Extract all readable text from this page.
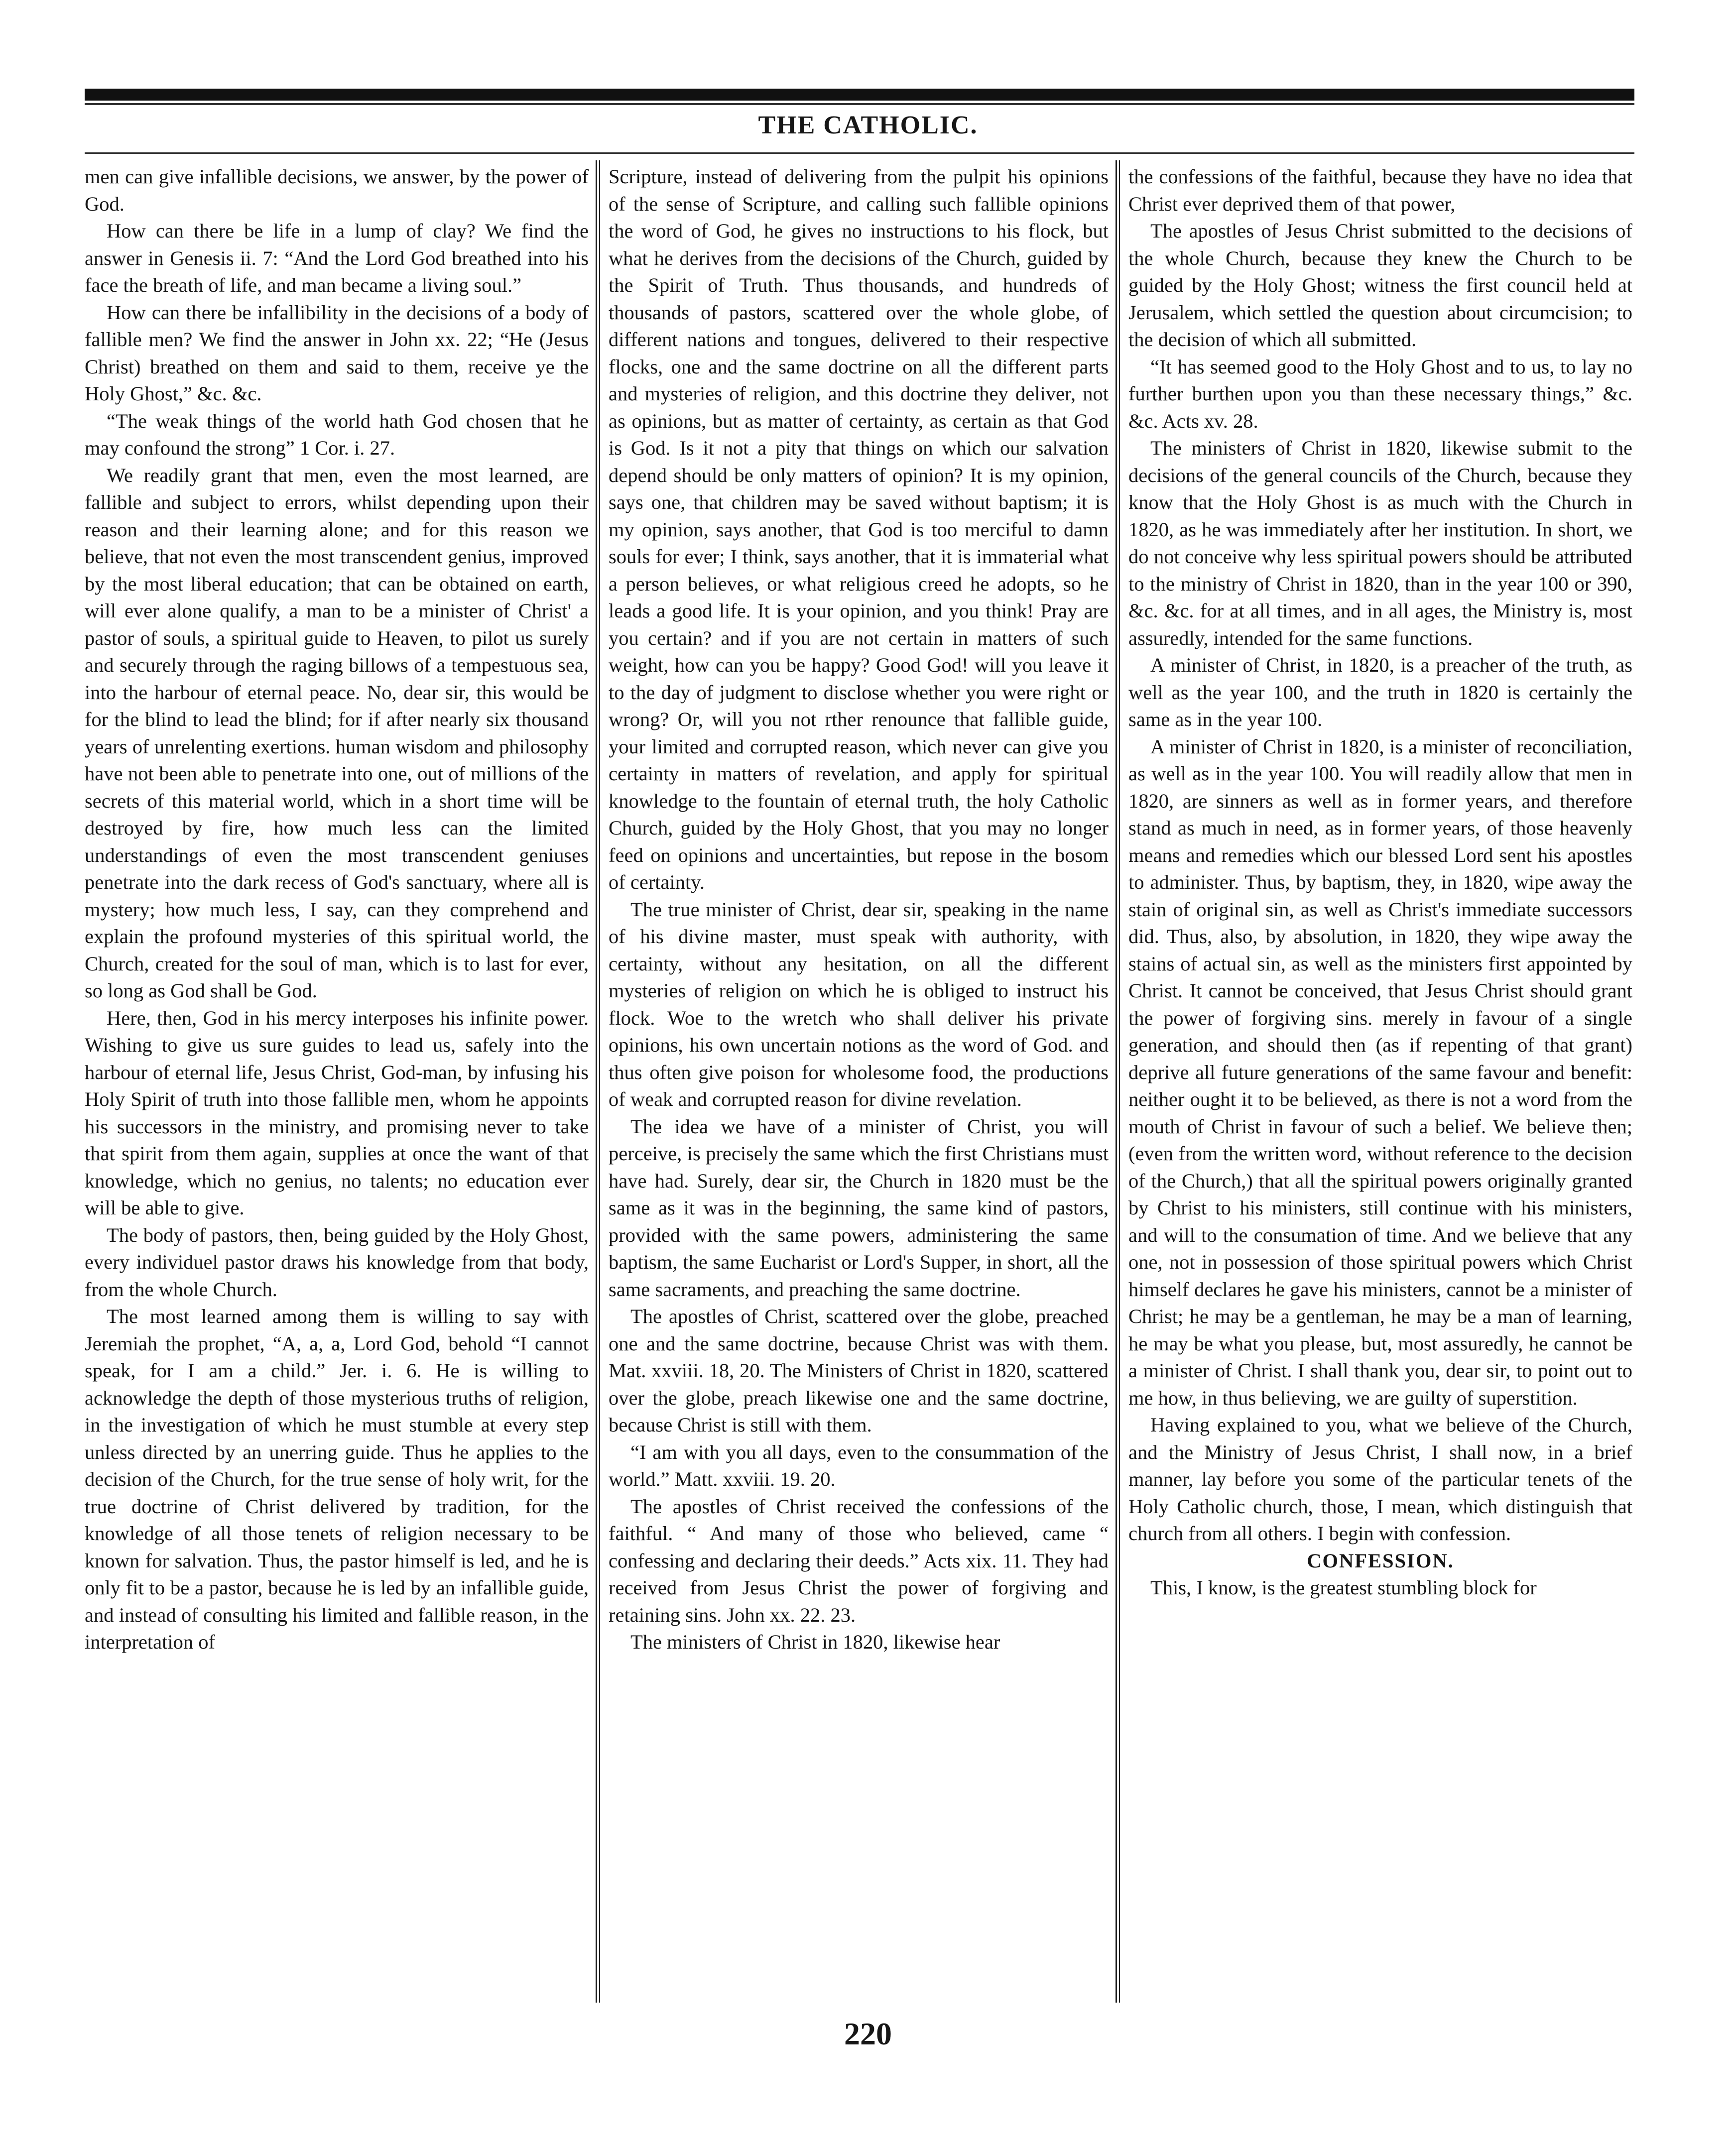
THE CATHOLIC.

men can give infallible decisions, we answer, by the power of God.

How can there be life in a lump of clay? We find the answer in Genesis ii. 7: “And the Lord God breathed into his face the breath of life, and man became a living soul.”

How can there be infallibility in the decisions of a body of fallible men? We find the answer in John xx. 22; “He (Jesus Christ) breathed on them and said to them, receive ye the Holy Ghost,” &c. &c.

“The weak things of the world hath God chosen that he may confound the strong” 1 Cor. i. 27.

We readily grant that men, even the most learned, are fallible and subject to errors, whilst depending upon their reason and their learning alone; and for this reason we believe, that not even the most transcendent genius, improved by the most liberal education; that can be obtained on earth, will ever alone qualify, a man to be a minister of Christ' a pastor of souls, a spiritual guide to Heaven, to pilot us surely and securely through the raging billows of a tempestuous sea, into the harbour of eternal peace. No, dear sir, this would be for the blind to lead the blind; for if after nearly six thousand years of unrelenting exertions. human wisdom and philosophy have not been able to penetrate into one, out of millions of the secrets of this material world, which in a short time will be destroyed by fire, how much less can the limited understandings of even the most transcendent geniuses penetrate into the dark recess of God's sanctuary, where all is mystery; how much less, I say, can they comprehend and explain the profound mysteries of this spiritual world, the Church, created for the soul of man, which is to last for ever, so long as God shall be God.

Here, then, God in his mercy interposes his infinite power. Wishing to give us sure guides to lead us, safely into the harbour of eternal life, Jesus Christ, God-man, by infusing his Holy Spirit of truth into those fallible men, whom he appoints his successors in the ministry, and promising never to take that spirit from them again, supplies at once the want of that knowledge, which no genius, no talents; no education ever will be able to give.

The body of pastors, then, being guided by the Holy Ghost, every individuel pastor draws his knowledge from that body, from the whole Church.

The most learned among them is willing to say with Jeremiah the prophet, “A, a, a, Lord God, behold “I cannot speak, for I am a child.” Jer. i. 6. He is willing to acknowledge the depth of those mysterious truths of religion, in the investigation of which he must stumble at every step unless directed by an unerring guide. Thus he applies to the decision of the Church, for the true sense of holy writ, for the true doctrine of Christ delivered by tradition, for the knowledge of all those tenets of religion necessary to be known for salvation. Thus, the pastor himself is led, and he is only fit to be a pastor, because he is led by an infallible guide, and instead of consulting his limited and fallible reason, in the interpretation of

Scripture, instead of delivering from the pulpit his opinions of the sense of Scripture, and calling such fallible opinions the word of God, he gives no instructions to his flock, but what he derives from the decisions of the Church, guided by the Spirit of Truth. Thus thousands, and hundreds of thousands of pastors, scattered over the whole globe, of different nations and tongues, delivered to their respective flocks, one and the same doctrine on all the different parts and mysteries of religion, and this doctrine they deliver, not as opinions, but as matter of certainty, as certain as that God is God. Is it not a pity that things on which our salvation depend should be only matters of opinion? It is my opinion, says one, that children may be saved without baptism; it is my opinion, says another, that God is too merciful to damn souls for ever; I think, says another, that it is immaterial what a person believes, or what religious creed he adopts, so he leads a good life. It is your opinion, and you think! Pray are you certain? and if you are not certain in matters of such weight, how can you be happy? Good God! will you leave it to the day of judgment to disclose whether you were right or wrong? Or, will you not rther renounce that fallible guide, your limited and corrupted reason, which never can give you certainty in matters of revelation, and apply for spiritual knowledge to the fountain of eternal truth, the holy Catholic Church, guided by the Holy Ghost, that you may no longer feed on opinions and uncertainties, but repose in the bosom of certainty.

The true minister of Christ, dear sir, speaking in the name of his divine master, must speak with authority, with certainty, without any hesitation, on all the different mysteries of religion on which he is obliged to instruct his flock. Woe to the wretch who shall deliver his private opinions, his own uncertain notions as the word of God. and thus often give poison for wholesome food, the productions of weak and corrupted reason for divine revelation.

The idea we have of a minister of Christ, you will perceive, is precisely the same which the first Christians must have had. Surely, dear sir, the Church in 1820 must be the same as it was in the beginning, the same kind of pastors, provided with the same powers, administering the same baptism, the same Eucharist or Lord's Supper, in short, all the same sacraments, and preaching the same doctrine.

The apostles of Christ, scattered over the globe, preached one and the same doctrine, because Christ was with them. Mat. xxviii. 18, 20. The Ministers of Christ in 1820, scattered over the globe, preach likewise one and the same doctrine, because Christ is still with them.

“I am with you all days, even to the consummation of the world.” Matt. xxviii. 19. 20.

The apostles of Christ received the confessions of the faithful. “ And many of those who believed, came “ confessing and declaring their deeds.” Acts xix. 11. They had received from Jesus Christ the power of forgiving and retaining sins. John xx. 22. 23.

The ministers of Christ in 1820, likewise hear

the confessions of the faithful, because they have no idea that Christ ever deprived them of that power,

The apostles of Jesus Christ submitted to the decisions of the whole Church, because they knew the Church to be guided by the Holy Ghost; witness the first council held at Jerusalem, which settled the question about circumcision; to the decision of which all submitted.

“It has seemed good to the Holy Ghost and to us, to lay no further burthen upon you than these necessary things,” &c. &c. Acts xv. 28.

The ministers of Christ in 1820, likewise submit to the decisions of the general councils of the Church, because they know that the Holy Ghost is as much with the Church in 1820, as he was immediately after her institution. In short, we do not conceive why less spiritual powers should be attributed to the ministry of Christ in 1820, than in the year 100 or 390, &c. &c. for at all times, and in all ages, the Ministry is, most assuredly, intended for the same functions.

A minister of Christ, in 1820, is a preacher of the truth, as well as the year 100, and the truth in 1820 is certainly the same as in the year 100.

A minister of Christ in 1820, is a minister of reconciliation, as well as in the year 100. You will readily allow that men in 1820, are sinners as well as in former years, and therefore stand as much in need, as in former years, of those heavenly means and remedies which our blessed Lord sent his apostles to administer. Thus, by baptism, they, in 1820, wipe away the stain of original sin, as well as Christ's immediate successors did. Thus, also, by absolution, in 1820, they wipe away the stains of actual sin, as well as the ministers first appointed by Christ. It cannot be conceived, that Jesus Christ should grant the power of forgiving sins. merely in favour of a single generation, and should then (as if repenting of that grant) deprive all future generations of the same favour and benefit: neither ought it to be believed, as there is not a word from the mouth of Christ in favour of such a belief. We believe then; (even from the written word, without reference to the decision of the Church,) that all the spiritual powers originally granted by Christ to his ministers, still continue with his ministers, and will to the consumation of time. And we believe that any one, not in possession of those spiritual powers which Christ himself declares he gave his ministers, cannot be a minister of Christ; he may be a gentleman, he may be a man of learning, he may be what you please, but, most assuredly, he cannot be a minister of Christ. I shall thank you, dear sir, to point out to me how, in thus believing, we are guilty of superstition.

Having explained to you, what we believe of the Church, and the Ministry of Jesus Christ, I shall now, in a brief manner, lay before you some of the particular tenets of the Holy Catholic church, those, I mean, which distinguish that church from all others. I begin with confession.

CONFESSION.

This, I know, is the greatest stumbling block for

220
